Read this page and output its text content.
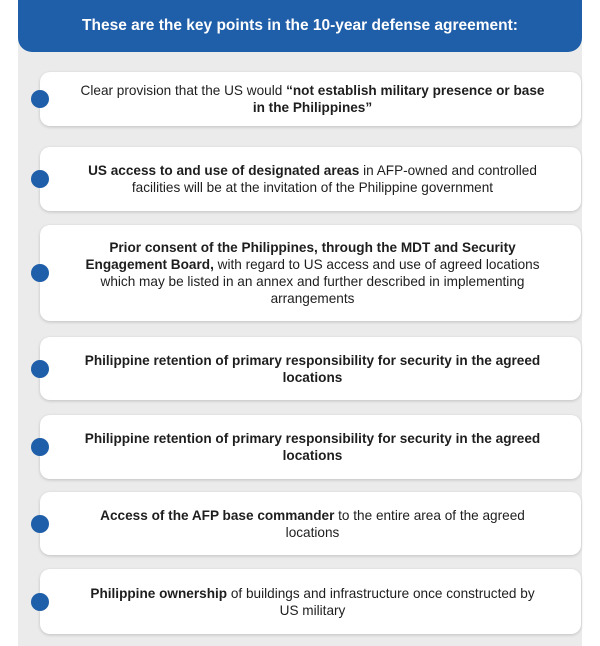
These are the key points in the 10-year defense agreement:
Clear provision that the US would “not establish military presence or base in the Philippines”
US access to and use of designated areas in AFP-owned and controlled facilities will be at the invitation of the Philippine government
Prior consent of the Philippines, through the MDT and Security Engagement Board, with regard to US access and use of agreed locations which may be listed in an annex and further described in implementing arrangements
Philippine retention of primary responsibility for security in the agreed locations
Philippine retention of primary responsibility for security in the agreed locations
Access of the AFP base commander to the entire area of the agreed locations
Philippine ownership of buildings and infrastructure once constructed by US military
